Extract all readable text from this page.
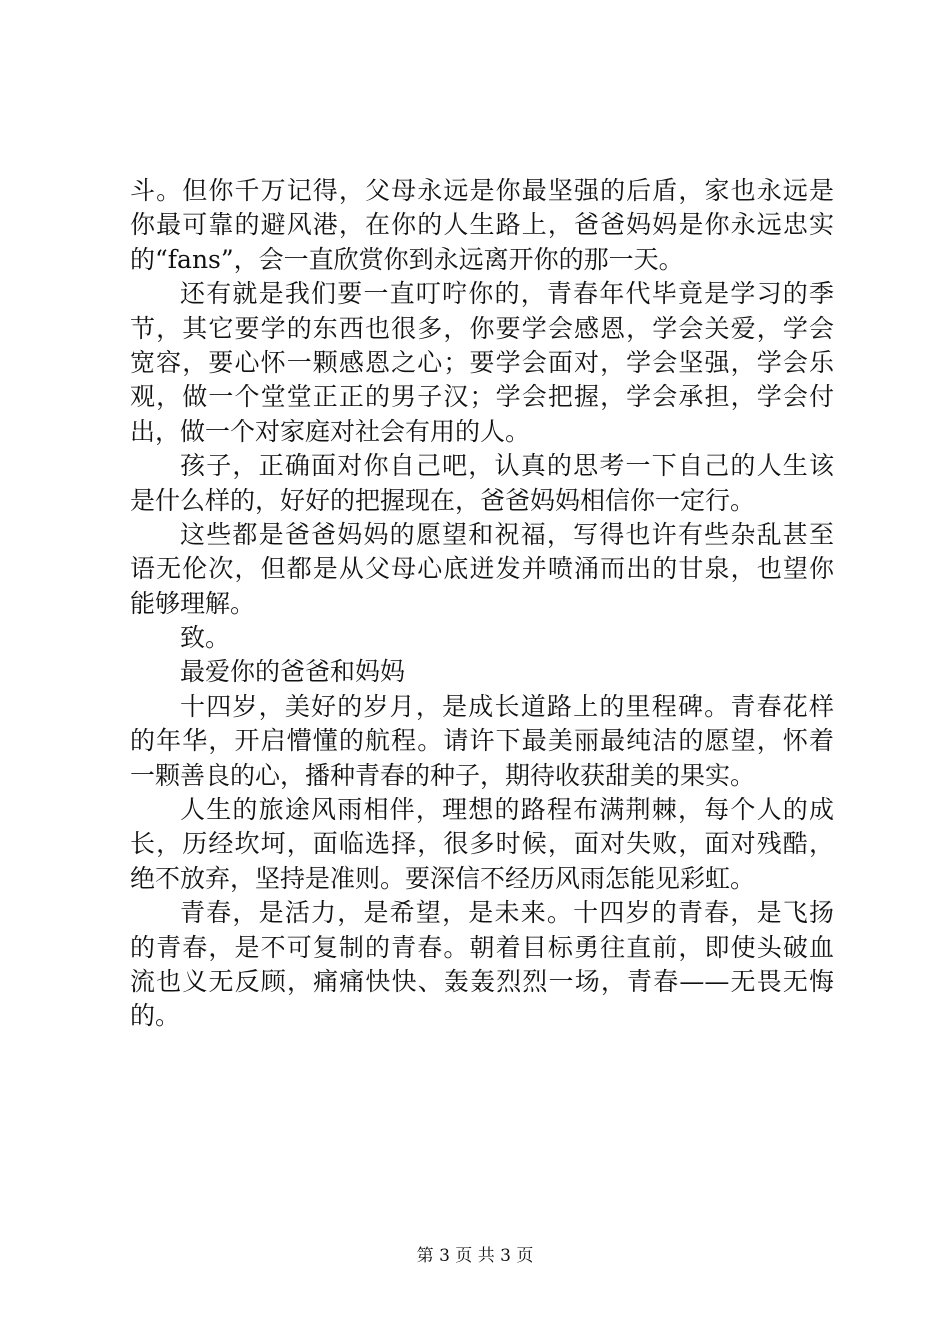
斗。但你千万记得，父母永远是你最坚强的后盾，家也永远是
你最可靠的避风港，在你的人生路上，爸爸妈妈是你永远忠实
的“fans”，会一直欣赏你到永远离开你的那一天。
还有就是我们要一直叮咛你的，青春年代毕竟是学习的季
节，其它要学的东西也很多，你要学会感恩，学会关爱，学会
宽容，要心怀一颗感恩之心；要学会面对，学会坚强，学会乐
观，做一个堂堂正正的男子汉；学会把握，学会承担，学会付
出，做一个对家庭对社会有用的人。
孩子，正确面对你自己吧，认真的思考一下自己的人生该
是什么样的，好好的把握现在，爸爸妈妈相信你一定行。
这些都是爸爸妈妈的愿望和祝福，写得也许有些杂乱甚至
语无伦次，但都是从父母心底迸发并喷涌而出的甘泉，也望你
能够理解。
致。
最爱你的爸爸和妈妈
十四岁，美好的岁月，是成长道路上的里程碑。青春花样
的年华，开启懵懂的航程。请许下最美丽最纯洁的愿望，怀着
一颗善良的心，播种青春的种子，期待收获甜美的果实。
人生的旅途风雨相伴，理想的路程布满荆棘，每个人的成
长，历经坎坷，面临选择，很多时候，面对失败，面对残酷，
绝不放弃，坚持是准则。要深信不经历风雨怎能见彩虹。
青春，是活力，是希望，是未来。十四岁的青春，是飞扬
的青春，是不可复制的青春。朝着目标勇往直前，即使头破血
流也义无反顾，痛痛快快、轰轰烈烈一场，青春——无畏无悔
的。
第 3 页 共 3 页
